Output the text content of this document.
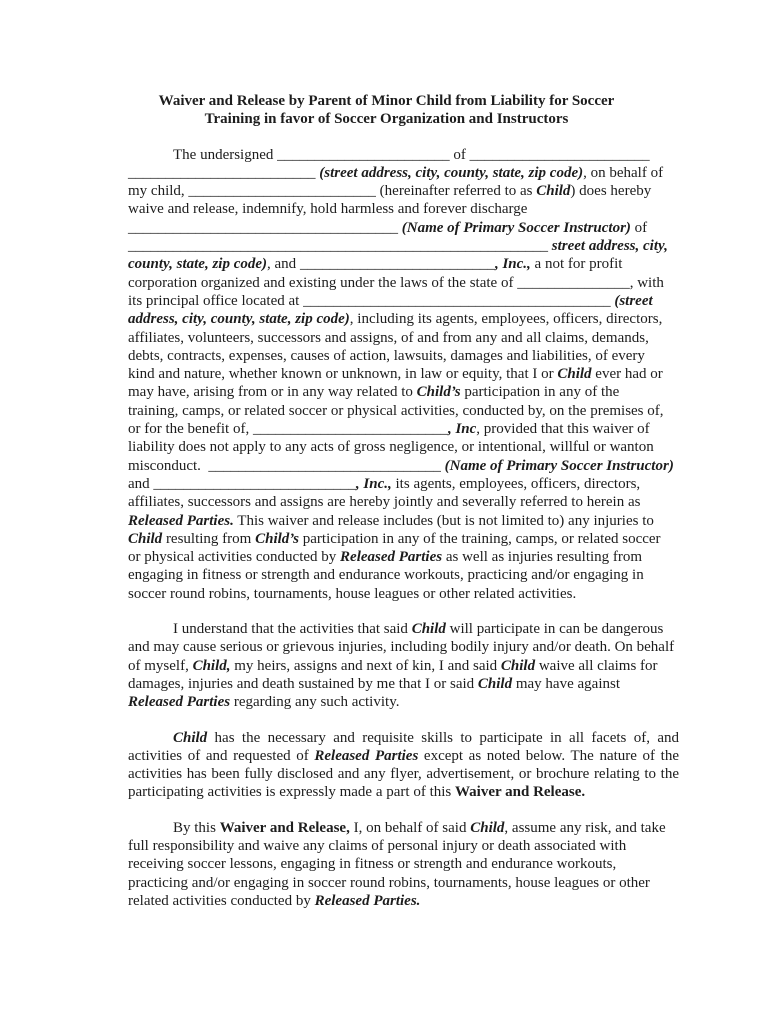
Waiver and Release by Parent of Minor Child from Liability for Soccer
Training in favor of Soccer Organization and Instructors
The undersigned _______________________ of ________________________
_________________________ (street address, city, county, state, zip code), on behalf of
my child, _________________________ (hereinafter referred to as Child) does hereby
waive and release, indemnify, hold harmless and forever discharge
____________________________________ (Name of Primary Soccer Instructor) of
________________________________________________________ street address, city,
county, state, zip code), and __________________________, Inc., a not for profit
corporation organized and existing under the laws of the state of _______________, with
its principal office located at _________________________________________ (street
address, city, county, state, zip code), including its agents, employees, officers, directors,
affiliates, volunteers, successors and assigns, of and from any and all claims, demands,
debts, contracts, expenses, causes of action, lawsuits, damages and liabilities, of every
kind and nature, whether known or unknown, in law or equity, that I or Child ever had or
may have, arising from or in any way related to Child’s participation in any of the
training, camps, or related soccer or physical activities, conducted by, on the premises of,
or for the benefit of, __________________________, Inc, provided that this waiver of
liability does not apply to any acts of gross negligence, or intentional, willful or wanton
misconduct.  _______________________________ (Name of Primary Soccer Instructor)
and ___________________________, Inc., its agents, employees, officers, directors,
affiliates, successors and assigns are hereby jointly and severally referred to herein as
Released Parties. This waiver and release includes (but is not limited to) any injuries to
Child resulting from Child’s participation in any of the training, camps, or related soccer
or physical activities conducted by Released Parties as well as injuries resulting from
engaging in fitness or strength and endurance workouts, practicing and/or engaging in
soccer round robins, tournaments, house leagues or other related activities.
I understand that the activities that said Child will participate in can be dangerous
and may cause serious or grievous injuries, including bodily injury and/or death. On behalf
of myself, Child, my heirs, assigns and next of kin, I and said Child waive all claims for
damages, injuries and death sustained by me that I or said Child may have against
Released Parties regarding any such activity.
Child has the necessary and requisite skills to participate in all facets of, and
activities of and requested of Released Parties except as noted below. The nature of the
activities has been fully disclosed and any flyer, advertisement, or brochure relating to the
participating activities is expressly made a part of this Waiver and Release.
By this Waiver and Release, I, on behalf of said Child, assume any risk, and take
full responsibility and waive any claims of personal injury or death associated with
receiving soccer lessons, engaging in fitness or strength and endurance workouts,
practicing and/or engaging in soccer round robins, tournaments, house leagues or other
related activities conducted by Released Parties.
